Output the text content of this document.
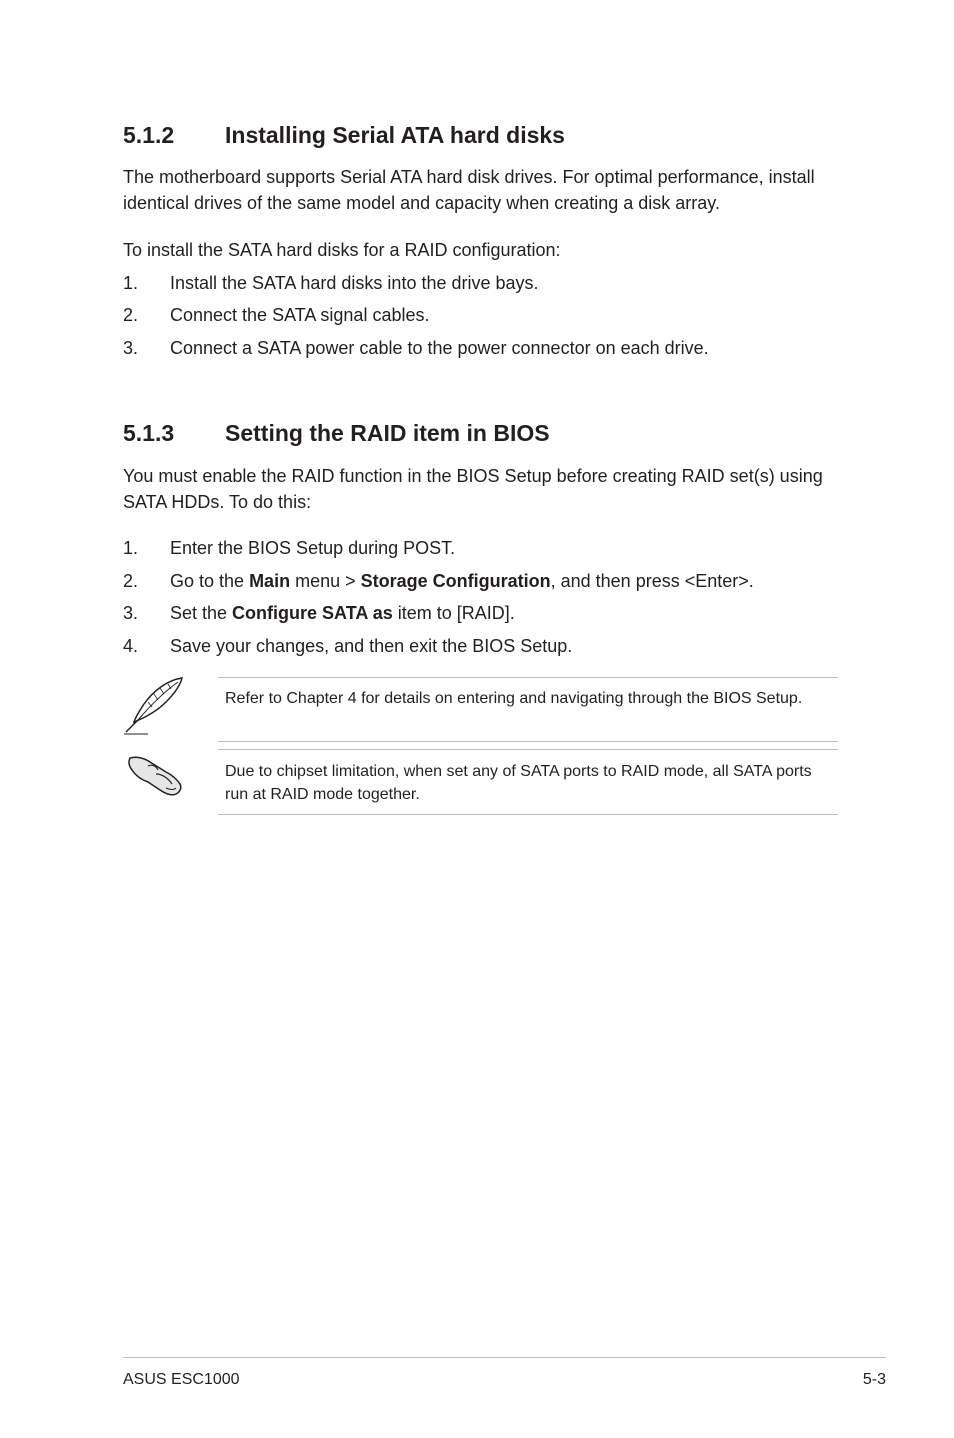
5.1.2 Installing Serial ATA hard disks

The motherboard supports Serial ATA hard disk drives. For optimal performance, install identical drives of the same model and capacity when creating a disk array.

To install the SATA hard disks for a RAID configuration:

1. Install the SATA hard disks into the drive bays.
2. Connect the SATA signal cables.
3. Connect a SATA power cable to the power connector on each drive.
5.1.3 Setting the RAID item in BIOS

You must enable the RAID function in the BIOS Setup before creating RAID set(s) using SATA HDDs. To do this:

1. Enter the BIOS Setup during POST.
2. Go to the Main menu > Storage Configuration, and then press <Enter>.
3. Set the Configure SATA as item to [RAID].
4. Save your changes, and then exit the BIOS Setup.
Refer to Chapter 4 for details on entering and navigating through the BIOS Setup.
Due to chipset limitation, when set any of SATA ports to RAID mode, all SATA ports run at RAID mode together.
ASUS ESC1000	5-3
